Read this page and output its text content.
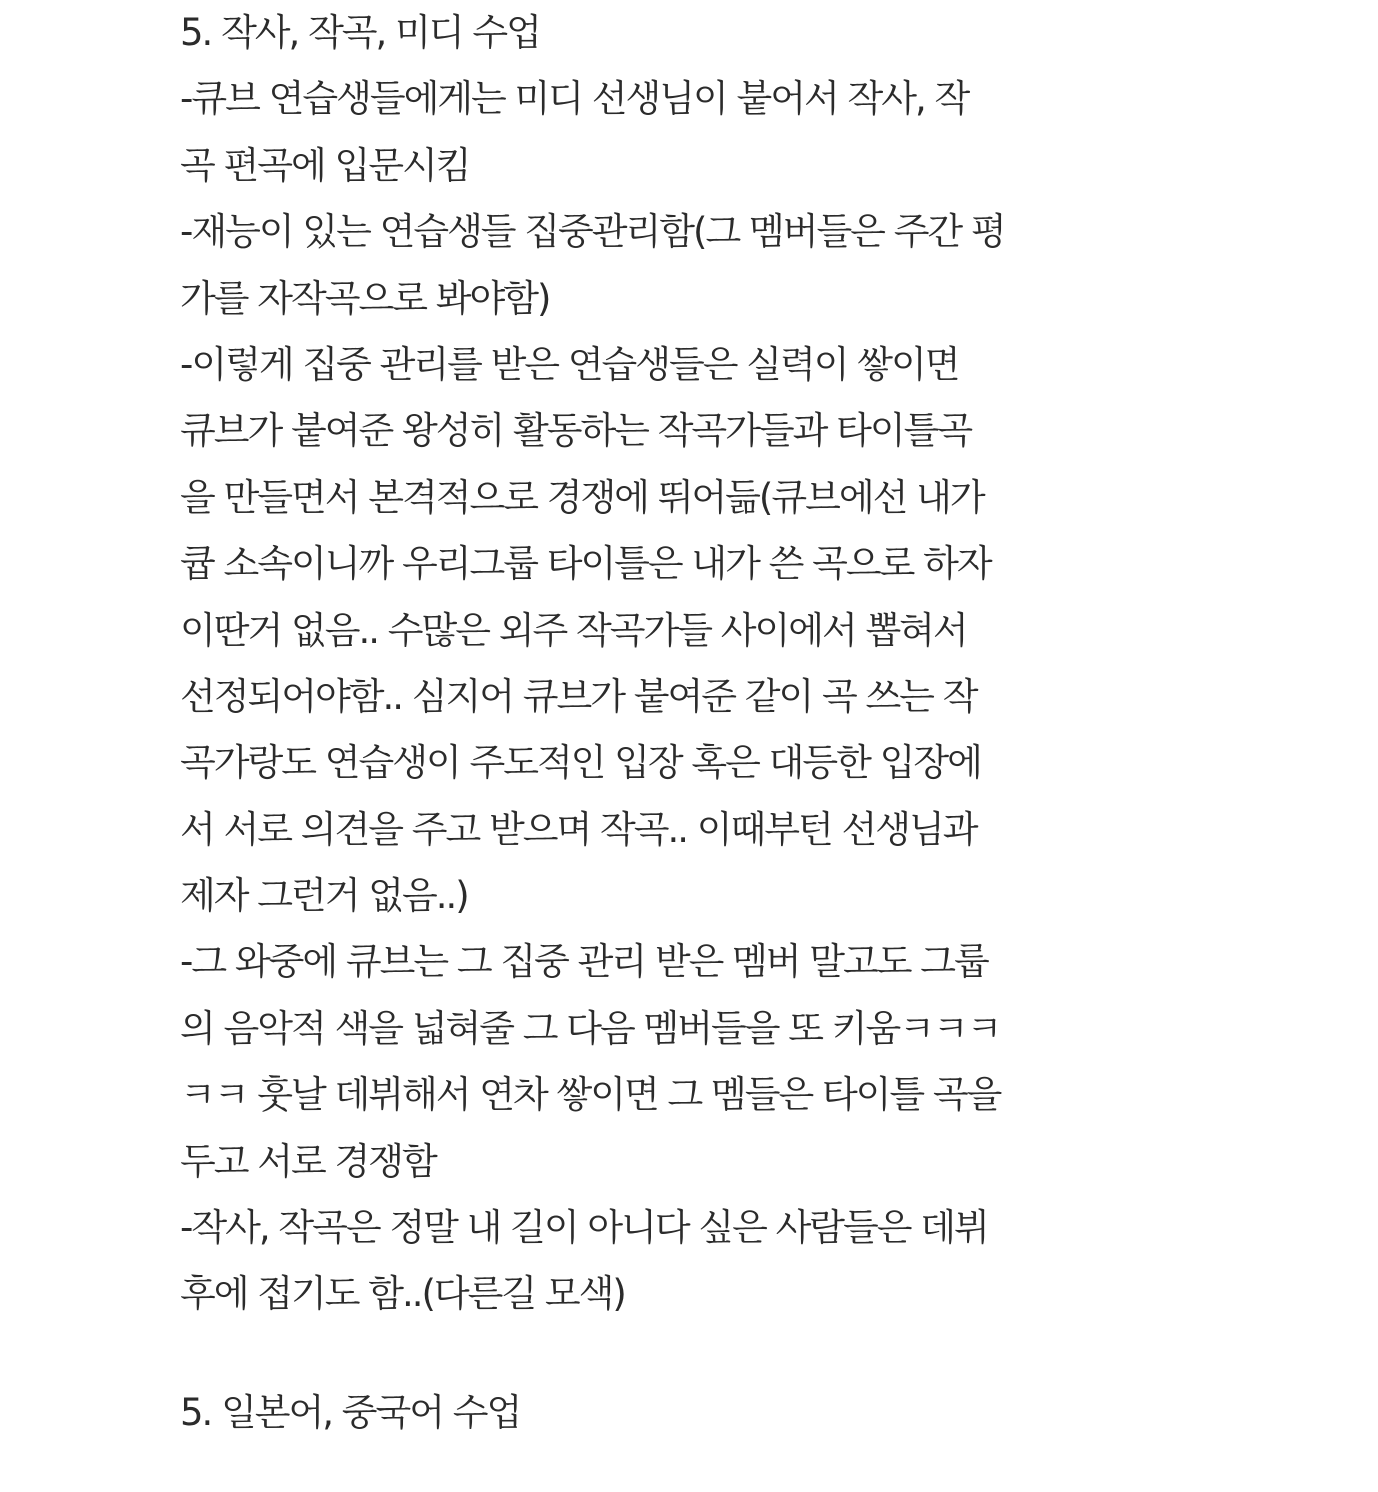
5. 작사, 작곡, 미디 수업
-큐브 연습생들에게는 미디 선생님이 붙어서 작사, 작
곡 편곡에 입문시킴
-재능이 있는 연습생들 집중관리함(그 멤버들은 주간 평
가를 자작곡으로 봐야함)
-이렇게 집중 관리를 받은 연습생들은 실력이 쌓이면
큐브가 붙여준 왕성히 활동하는 작곡가들과 타이틀곡
을 만들면서 본격적으로 경쟁에 뛰어듦(큐브에선 내가
큡 소속이니까 우리그룹 타이틀은 내가 쓴 곡으로 하자
이딴거 없음.. 수많은 외주 작곡가들 사이에서 뽑혀서
선정되어야함.. 심지어 큐브가 붙여준 같이 곡 쓰는 작
곡가랑도 연습생이 주도적인 입장 혹은 대등한 입장에
서 서로 의견을 주고 받으며 작곡.. 이때부턴 선생님과
제자 그런거 없음..)
-그 와중에 큐브는 그 집중 관리 받은 멤버 말고도 그룹
의 음악적 색을 넓혀줄 그 다음 멤버들을 또 키움ㅋㅋㅋ
ㅋㅋ 훗날 데뷔해서 연차 쌓이면 그 멤들은 타이틀 곡을
두고 서로 경쟁함
-작사, 작곡은 정말 내 길이 아니다 싶은 사람들은 데뷔
후에 접기도 함..(다른길 모색)
5. 일본어, 중국어 수업
